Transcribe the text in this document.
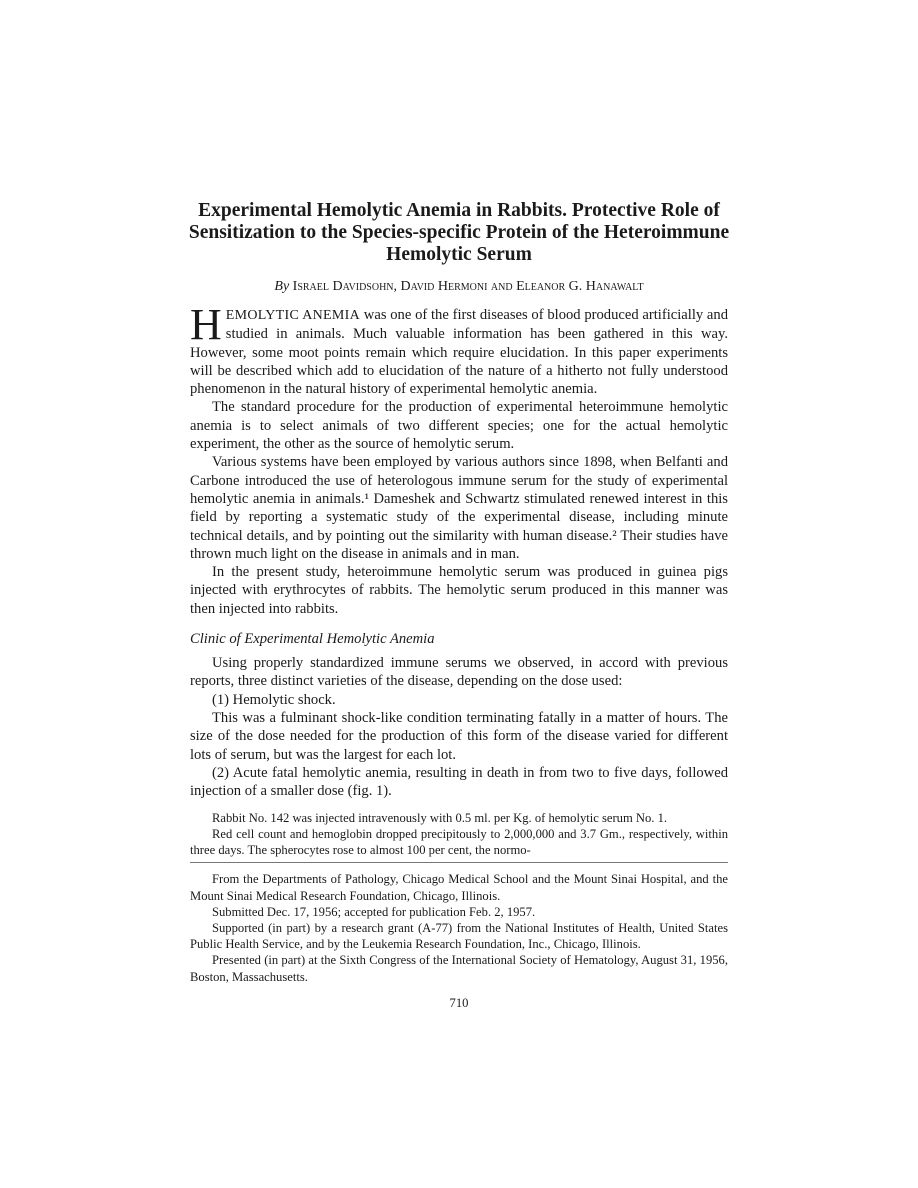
Experimental Hemolytic Anemia in Rabbits. Protective Role of Sensitization to the Species-specific Protein of the Heteroimmune Hemolytic Serum
By Israel Davidsohn, David Hermoni and Eleanor G. Hanawalt

HEMOLYTIC ANEMIA was one of the first diseases of blood produced artificially and studied in animals. Much valuable information has been gathered in this way. However, some moot points remain which require elucidation. In this paper experiments will be described which add to elucidation of the nature of a hitherto not fully understood phenomenon in the natural history of experimental hemolytic anemia.

The standard procedure for the production of experimental heteroimmune hemolytic anemia is to select animals of two different species; one for the actual hemolytic experiment, the other as the source of hemolytic serum.

Various systems have been employed by various authors since 1898, when Belfanti and Carbone introduced the use of heterologous immune serum for the study of experimental hemolytic anemia in animals.¹ Dameshek and Schwartz stimulated renewed interest in this field by reporting a systematic study of the experimental disease, including minute technical details, and by pointing out the similarity with human disease.² Their studies have thrown much light on the disease in animals and in man.

In the present study, heteroimmune hemolytic serum was produced in guinea pigs injected with erythrocytes of rabbits. The hemolytic serum produced in this manner was then injected into rabbits.

Clinic of Experimental Hemolytic Anemia

Using properly standardized immune serums we observed, in accord with previous reports, three distinct varieties of the disease, depending on the dose used:

(1) Hemolytic shock.

This was a fulminant shock-like condition terminating fatally in a matter of hours. The size of the dose needed for the production of this form of the disease varied for different lots of serum, but was the largest for each lot.

(2) Acute fatal hemolytic anemia, resulting in death in from two to five days, followed injection of a smaller dose (fig. 1).

Rabbit No. 142 was injected intravenously with 0.5 ml. per Kg. of hemolytic serum No. 1.

Red cell count and hemoglobin dropped precipitously to 2,000,000 and 3.7 Gm., respectively, within three days. The spherocytes rose to almost 100 per cent, the normo-

From the Departments of Pathology, Chicago Medical School and the Mount Sinai Hospital, and the Mount Sinai Medical Research Foundation, Chicago, Illinois.

Submitted Dec. 17, 1956; accepted for publication Feb. 2, 1957.

Supported (in part) by a research grant (A-77) from the National Institutes of Health, United States Public Health Service, and by the Leukemia Research Foundation, Inc., Chicago, Illinois.

Presented (in part) at the Sixth Congress of the International Society of Hematology, August 31, 1956, Boston, Massachusetts.

710
